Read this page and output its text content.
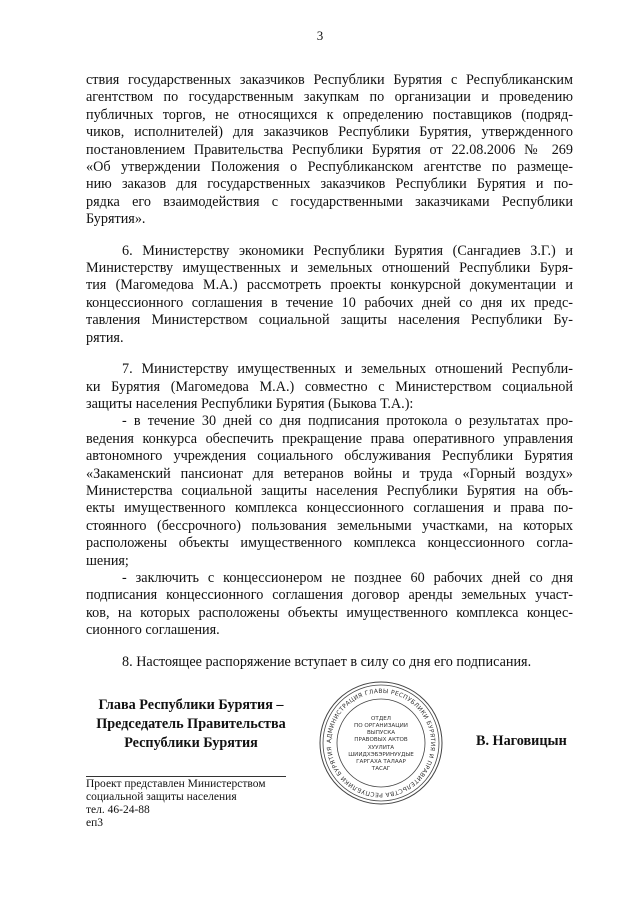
3
ствия государственных заказчиков Республики Бурятия с Республиканским
агентством по государственным закупкам по организации и проведению
публичных торгов, не относящихся к определению поставщиков (подряд-
чиков, исполнителей) для заказчиков Республики Бурятия, утвержденного
постановлением Правительства Республики Бурятия от 22.08.2006 № 269
«Об утверждении Положения о Республиканском агентстве по размеще-
нию заказов для государственных заказчиков Республики Бурятия и по-
рядка его взаимодействия с государственными заказчиками Республики
Бурятия».
6. Министерству экономики Республики Бурятия (Сангадиев З.Г.) и
Министерству имущественных и земельных отношений Республики Буря-
тия (Магомедова М.А.) рассмотреть проекты конкурсной документации и
концессионного соглашения в течение 10 рабочих дней со дня их предс-
тавления Министерством социальной защиты населения Республики Бу-
рятия.
7. Министерству имущественных и земельных отношений Республи-
ки Бурятия (Магомедова М.А.) совместно с Министерством социальной
защиты населения Республики Бурятия (Быкова Т.А.):
- в течение 30 дней со дня подписания протокола о результатах про-
ведения конкурса обеспечить прекращение права оперативного управления
автономного учреждения социального обслуживания Республики Бурятия
«Закаменский пансионат для ветеранов войны и труда «Горный воздух»
Министерства социальной защиты населения Республики Бурятия на объ-
екты имущественного комплекса концессионного соглашения и права по-
стоянного (бессрочного) пользования земельными участками, на которых
расположены объекты имущественного комплекса концессионного согла-
шения;
- заключить с концессионером не позднее 60 рабочих дней со дня
подписания концессионного соглашения договор аренды земельных участ-
ков, на которых расположены объекты имущественного комплекса концес-
сионного соглашения.
8. Настоящее распоряжение вступает в силу со дня его подписания.
Глава Республики Бурятия –
Председатель Правительства
Республики Бурятия	АДМИНИСТРАЦИЯ ГЛАВЫ РЕСПУБЛИКИ БУРЯТИЯ И ПРАВИТЕЛЬСТВА РЕСПУБЛИКИ БУРЯТИЯ
ОТДЕЛ
ПО ОРГАНИЗАЦИИ
ВЫПУСКА
ПРАВОВЫХ АКТОВ
ХУУЛИТА
ШИИДХЭБЭРИНУУДЫЕ
ГАРГАХА ТАЛААР
ТАСАГ
В. Наговицын
Проект представлен Министерством
социальной защиты населения
тел. 46-24-88
еп3
